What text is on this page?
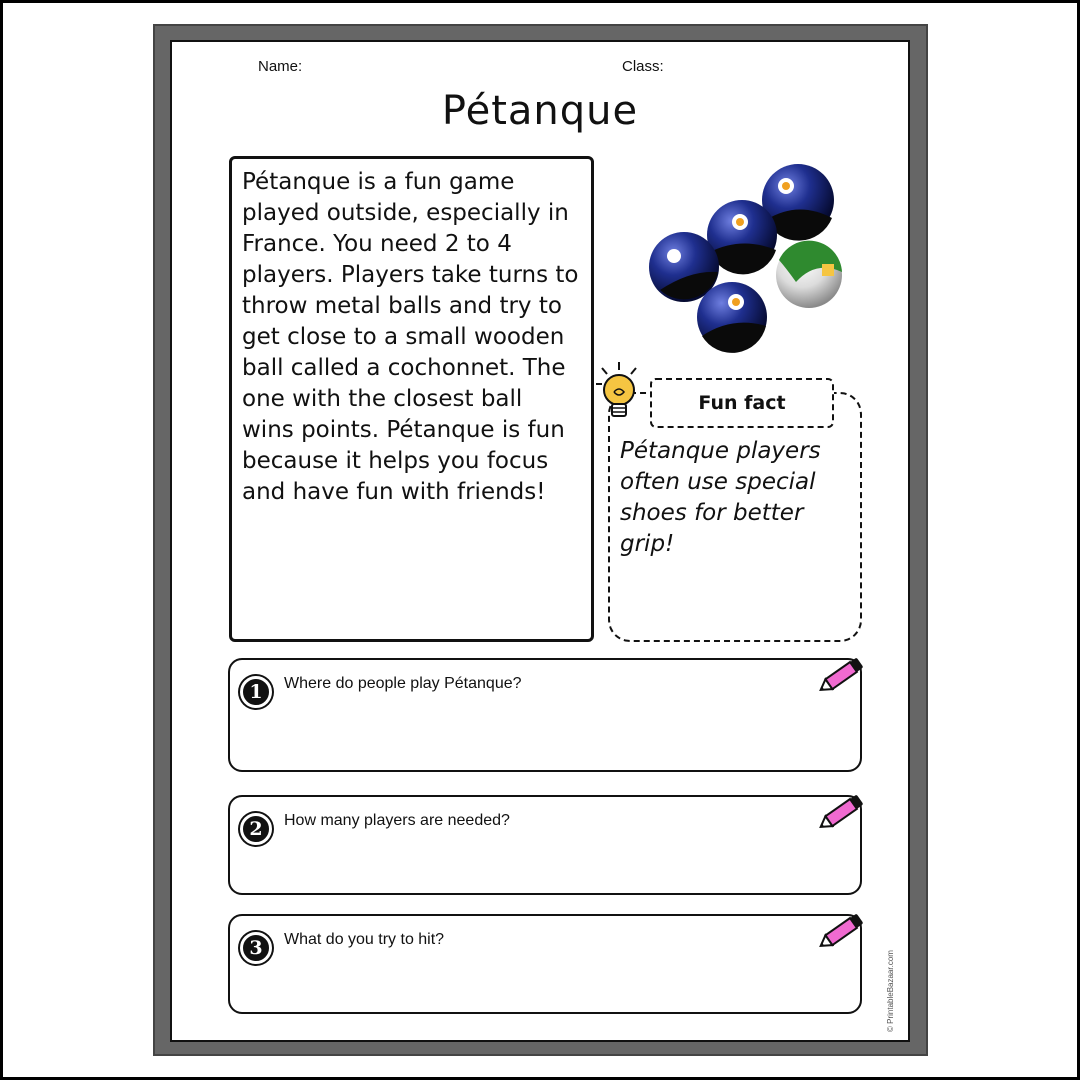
Name:	Class:
Pétanque
Pétanque is a fun game played outside, especially in France. You need 2 to 4 players. Players take turns to throw metal balls and try to get close to a small wooden ball called a cochonnet. The one with the closest ball wins points. Pétanque is fun because it helps you focus and have fun with friends!
Fun fact
Pétanque players often use special shoes for better grip!
1	Where do people play Pétanque?
2	How many players are needed?
3	What do you try to hit?
© PrintableBazaar.com
